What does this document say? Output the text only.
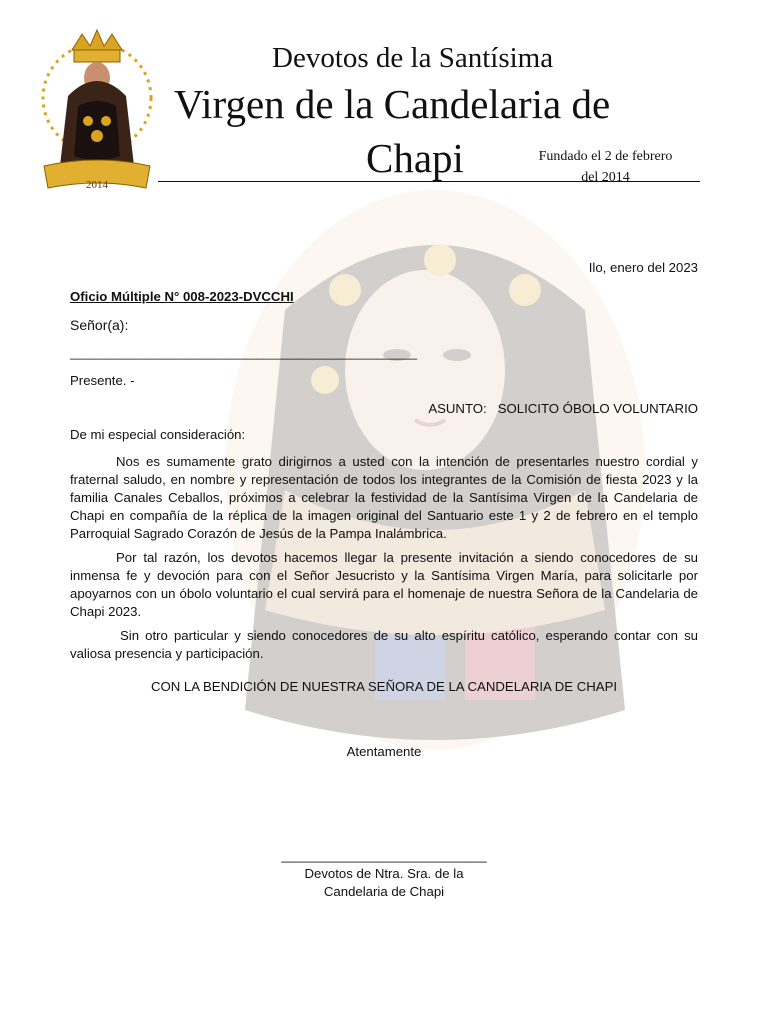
2014
Devotos de la Santísima
Virgen de la Candelaria de
Chapi	Fundado el 2 de febrero
del 2014
Ilo, enero del 2023
Oficio Múltiple N° 008-2023-DVCCHI
Señor(a):
____________________________________________________
Presente. -
ASUNTO: SOLICITO ÓBOLO VOLUNTARIO
De mi especial consideración:

Nos es sumamente grato dirigirnos a usted con la intención de presentarles nuestro cordial y fraternal saludo, en nombre y representación de todos los integrantes de la Comisión de fiesta 2023 y la familia Canales Ceballos, próximos a celebrar la festividad de la Santísima Virgen de la Candelaria de Chapi en compañía de la réplica de la imagen original del Santuario este 1 y 2 de febrero en el templo Parroquial Sagrado Corazón de Jesús de la Pampa Inalámbrica.

Por tal razón, los devotos hacemos llegar la presente invitación a siendo conocedores de su inmensa fe y devoción para con el Señor Jesucristo y la Santísima Virgen María, para solicitarle por apoyarnos con un óbolo voluntario el cual servirá para el homenaje de nuestra Señora de la Candelaria de Chapi 2023.

Sin otro particular y siendo conocedores de su alto espíritu católico, esperando contar con su valiosa presencia y participación.

CON LA BENDICIÓN DE NUESTRA SEÑORA DE LA CANDELARIA DE CHAPI
Atentamente
____________________________
Devotos de Ntra. Sra. de la
Candelaria de Chapi
